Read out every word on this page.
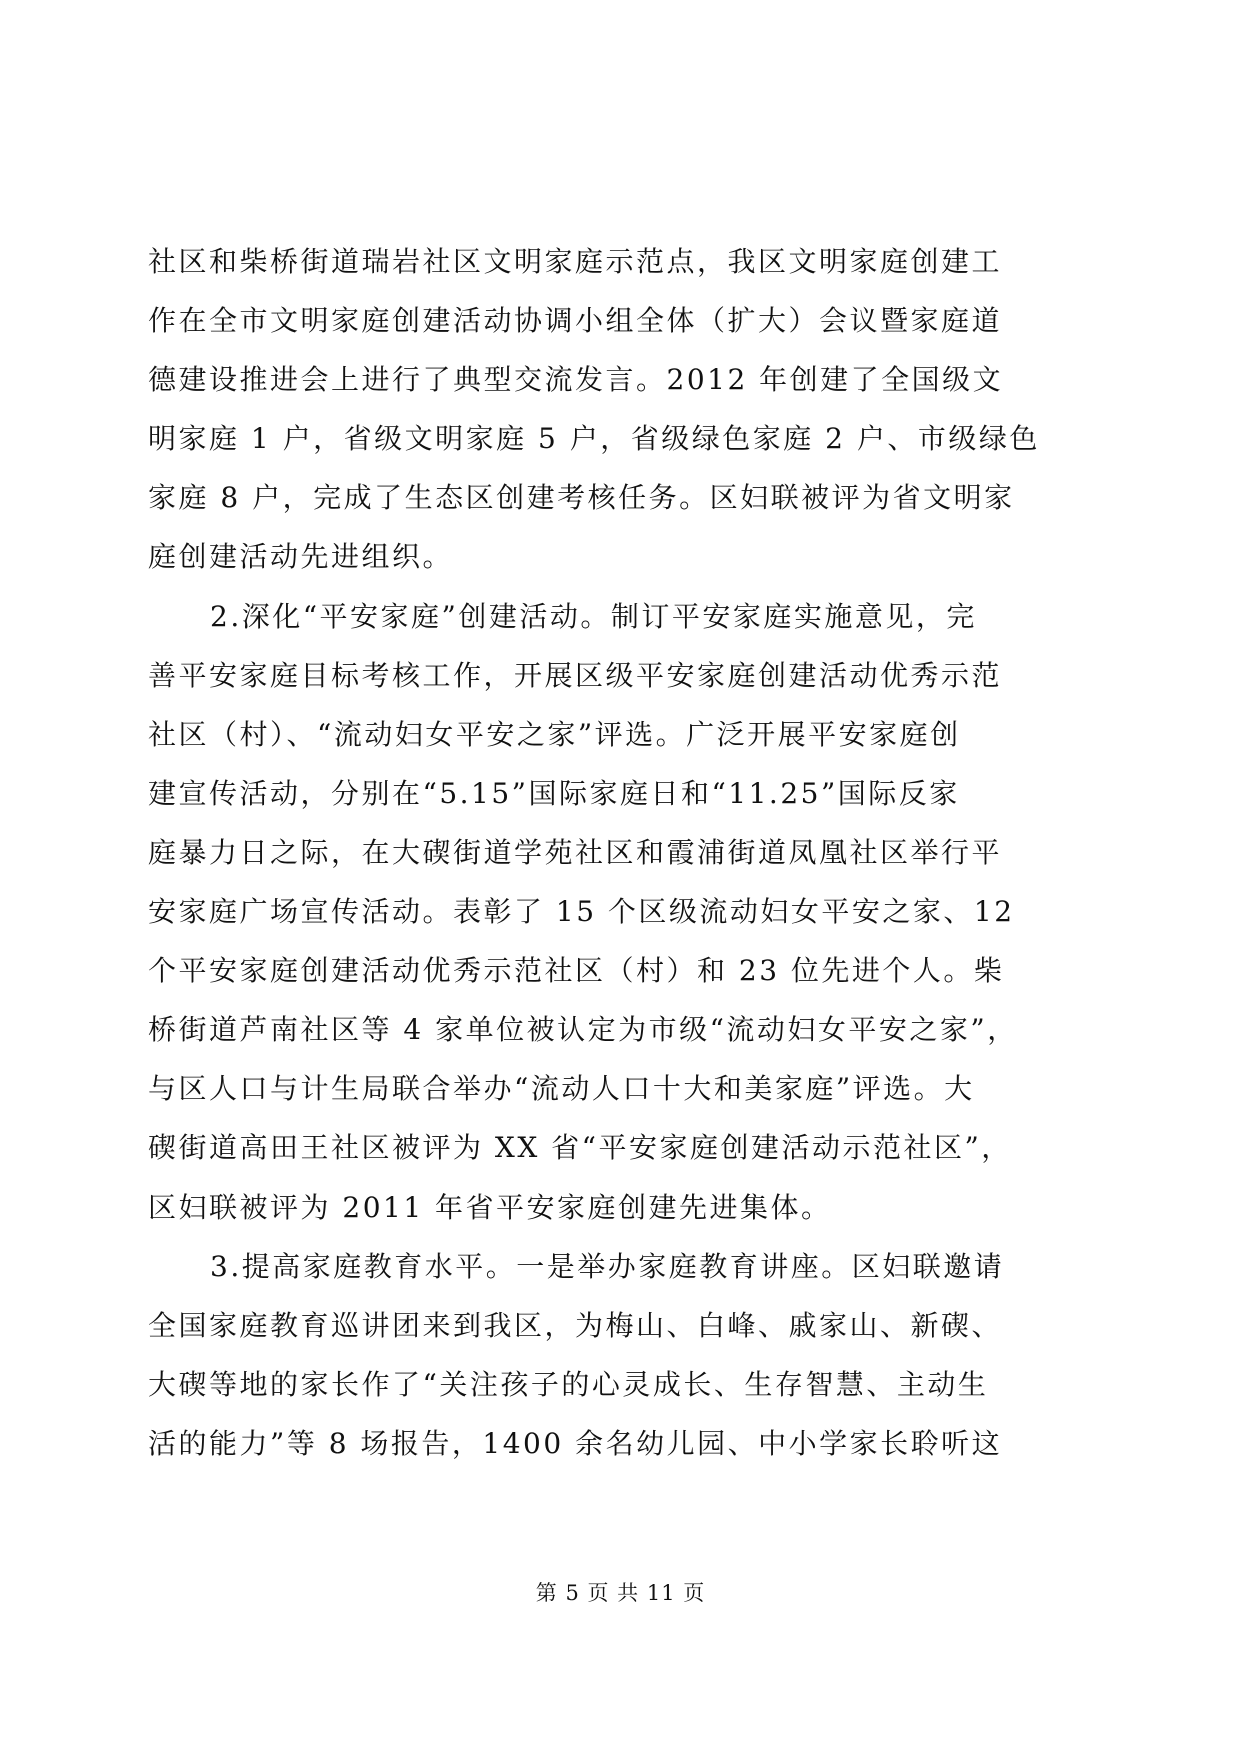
社区和柴桥街道瑞岩社区文明家庭示范点，我区文明家庭创建工
作在全市文明家庭创建活动协调小组全体（扩大）会议暨家庭道
德建设推进会上进行了典型交流发言。2012 年创建了全国级文
明家庭 1 户，省级文明家庭 5 户，省级绿色家庭 2 户、市级绿色
家庭 8 户，完成了生态区创建考核任务。区妇联被评为省文明家
庭创建活动先进组织。
2.深化“平安家庭”创建活动。制订平安家庭实施意见，完
善平安家庭目标考核工作，开展区级平安家庭创建活动优秀示范
社区（村）、“流动妇女平安之家”评选。广泛开展平安家庭创
建宣传活动，分别在“5.15”国际家庭日和“11.25”国际反家
庭暴力日之际，在大碶街道学苑社区和霞浦街道凤凰社区举行平
安家庭广场宣传活动。表彰了 15 个区级流动妇女平安之家、12
个平安家庭创建活动优秀示范社区（村）和 23 位先进个人。柴
桥街道芦南社区等 4 家单位被认定为市级“流动妇女平安之家”，
与区人口与计生局联合举办“流动人口十大和美家庭”评选。大
碶街道高田王社区被评为 XX 省“平安家庭创建活动示范社区”，
区妇联被评为 2011 年省平安家庭创建先进集体。
3.提高家庭教育水平。一是举办家庭教育讲座。区妇联邀请
全国家庭教育巡讲团来到我区，为梅山、白峰、戚家山、新碶、
大碶等地的家长作了“关注孩子的心灵成长、生存智慧、主动生
活的能力”等 8 场报告，1400 余名幼儿园、中小学家长聆听这
第 5 页 共 11 页
